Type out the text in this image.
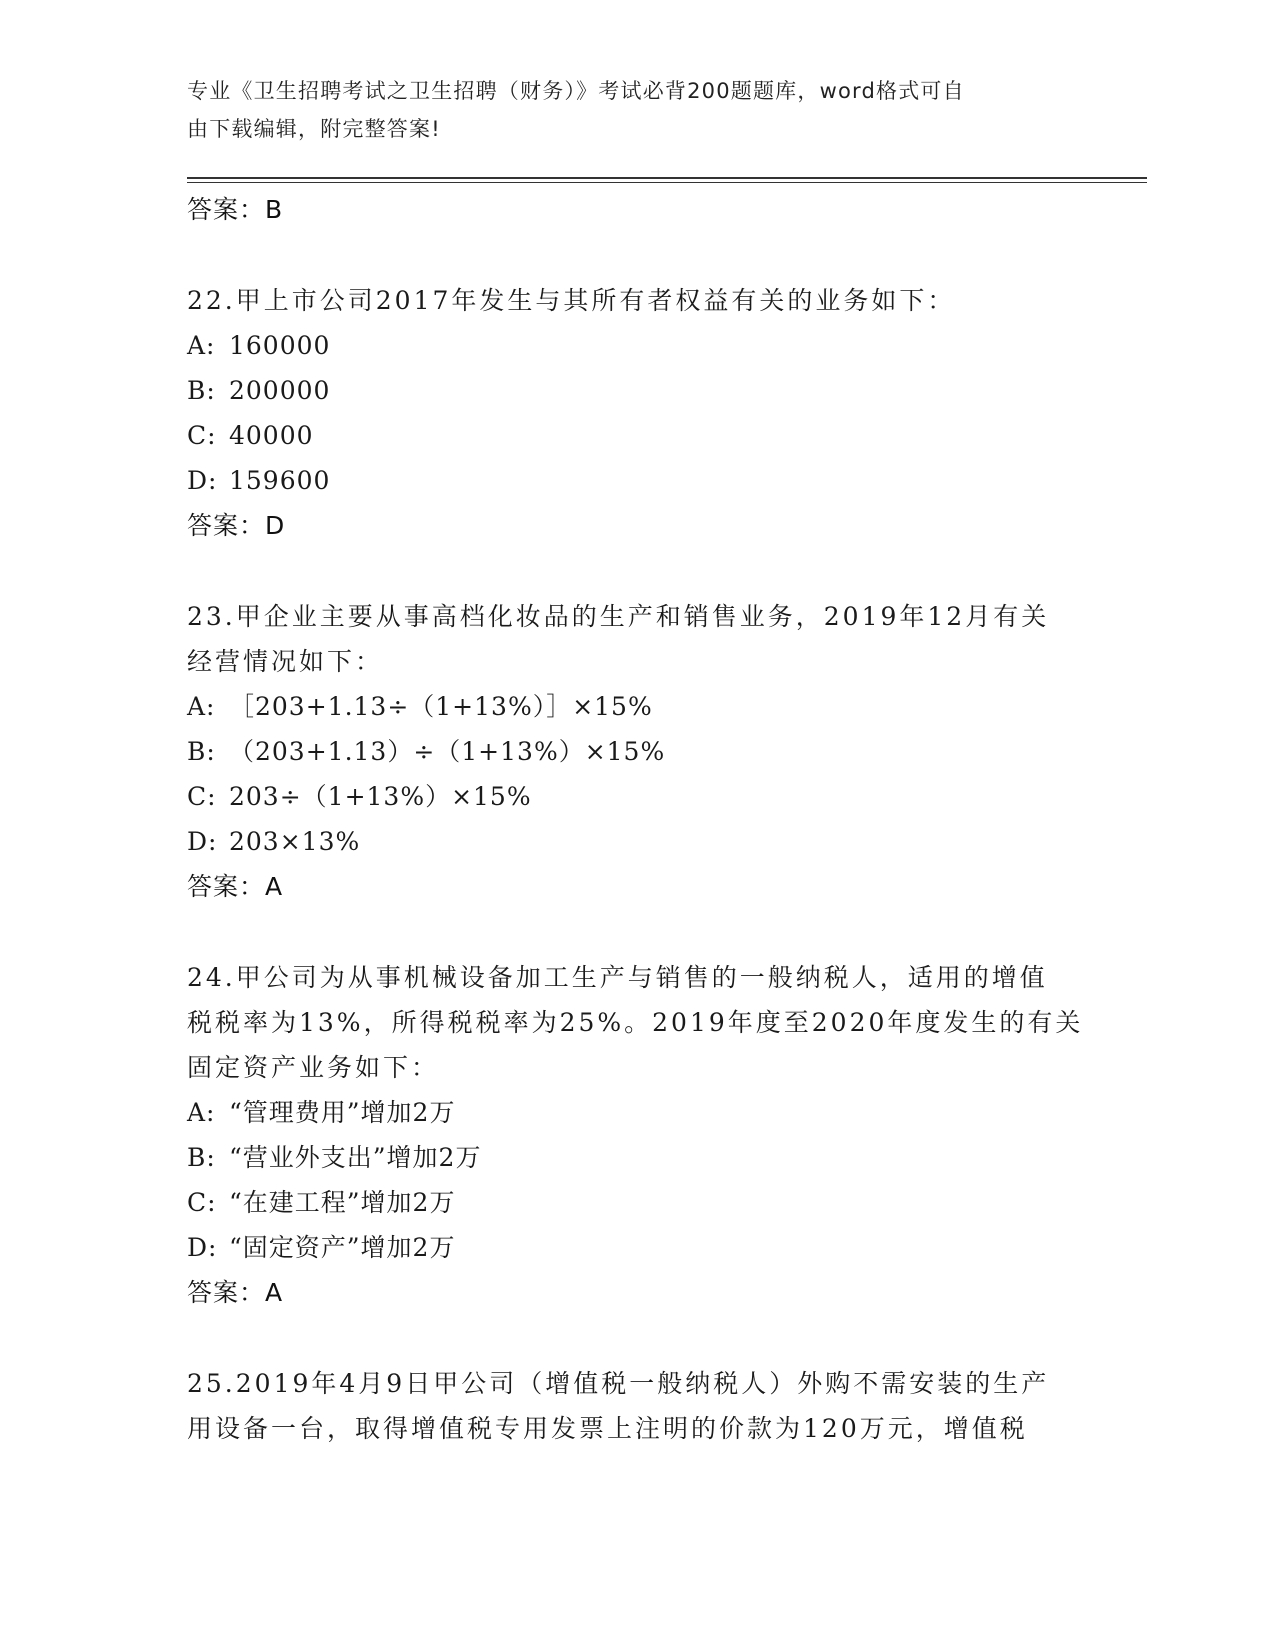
专业《卫生招聘考试之卫生招聘（财务）》考试必背200题题库，word格式可自
由下载编辑，附完整答案!
答案：B
22.甲上市公司2017年发生与其所有者权益有关的业务如下：
A: 160000
B: 200000
C: 40000
D: 159600
答案：D
23.甲企业主要从事高档化妆品的生产和销售业务，2019年12月有关
经营情况如下：
A: ［203+1.13÷（1+13%）］×15%
B: （203+1.13）÷（1+13%）×15%
C: 203÷（1+13%）×15%
D: 203×13%
答案：A
24.甲公司为从事机械设备加工生产与销售的一般纳税人，适用的增值
税税率为13%，所得税税率为25%。2019年度至2020年度发生的有关
固定资产业务如下：
A: “管理费用”增加2万
B: “营业外支出”增加2万
C: “在建工程”增加2万
D: “固定资产”增加2万
答案：A
25.2019年4月9日甲公司（增值税一般纳税人）外购不需安装的生产
用设备一台，取得增值税专用发票上注明的价款为120万元，增值税
